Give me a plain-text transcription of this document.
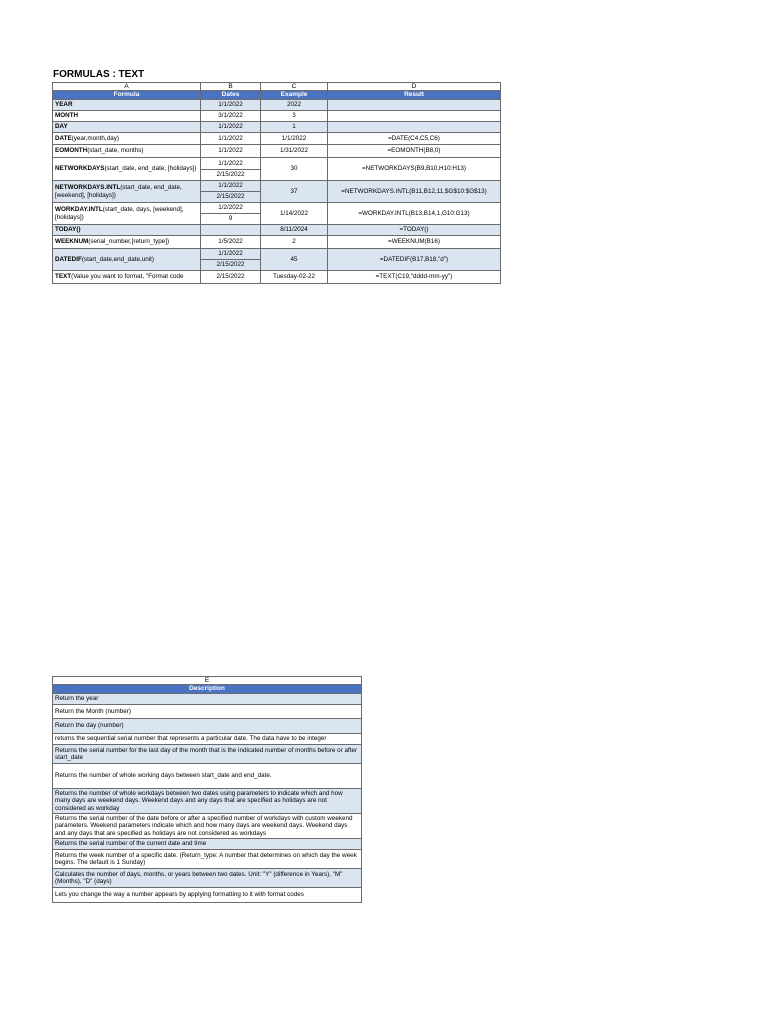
FORMULAS : TEXT
A	B	C	D
Formula	Dates	Example	Result
YEAR	1/1/2022	2022	
MONTH	3/1/2022	3	
DAY	1/1/2022	1	
DATE(year,month,day)	1/1/2022	1/1/2022	=DATE(C4,C5,C6)
EOMONTH(start_date, months)	1/1/2022	1/31/2022	=EOMONTH(B8,0)
NETWORKDAYS(start_date, end_date, [holidays])	1/1/2022	30	=NETWORKDAYS(B9,B10,H10:H13)
	2/15/2022		
NETWORKDAYS.INTL(start_date, end_date, [weekend], [holidays])	1/1/2022	37	=NETWORKDAYS.INTL(B11,B12,11,$G$10:$G$13)
	2/15/2022		
WORKDAY.INTL(start_date, days, [weekend], [holidays])	1/2/2022	1/14/2022	=WORKDAY.INTL(B13,B14,1,G10:G13)
	9		
TODAY()		8/11/2024	=TODAY()
WEEKNUM(serial_number,[return_type])	1/5/2022	2	=WEEKNUM(B16)
DATEDIF(start_date,end_date,unit)	1/1/2022	45	=DATEDIF(B17,B18,"d")
	2/15/2022		
TEXT(Value you want to format, "Format code	2/15/2022	Tuesday-02-22	=TEXT(C19,"dddd-mm-yy")
E
Description
Return the year
Return the Month (number)
Return the day (number)
returns the sequential serial number that represents a particular date. The data have to be integer
Returns the serial number for the last day of the month that is the indicated number of months before or after start_date
Returns the number of whole working days between start_date and end_date.
Returns the number of whole workdays between two dates using parameters to indicate which and how many days are weekend days. Weekend days and any days that are specified as holidays are not considered as workday
Returns the serial number of the date before or after a specified number of workdays with custom weekend parameters. Weekend parameters indicate which and how many days are weekend days. Weekend days and any days that are specified as holidays are not considered as workdays
Returns the serial number of the current date and time
Returns the week number of a specific date. (Return_type: A number that determines on which day the week begins. The default is 1 Sunday)
Calculates the number of days, months, or years between two dates. Unit: "Y" (difference in Years), "M" (Months), "D" (days)
Lets you change the way a number appears by applying formatting to it with format codes
